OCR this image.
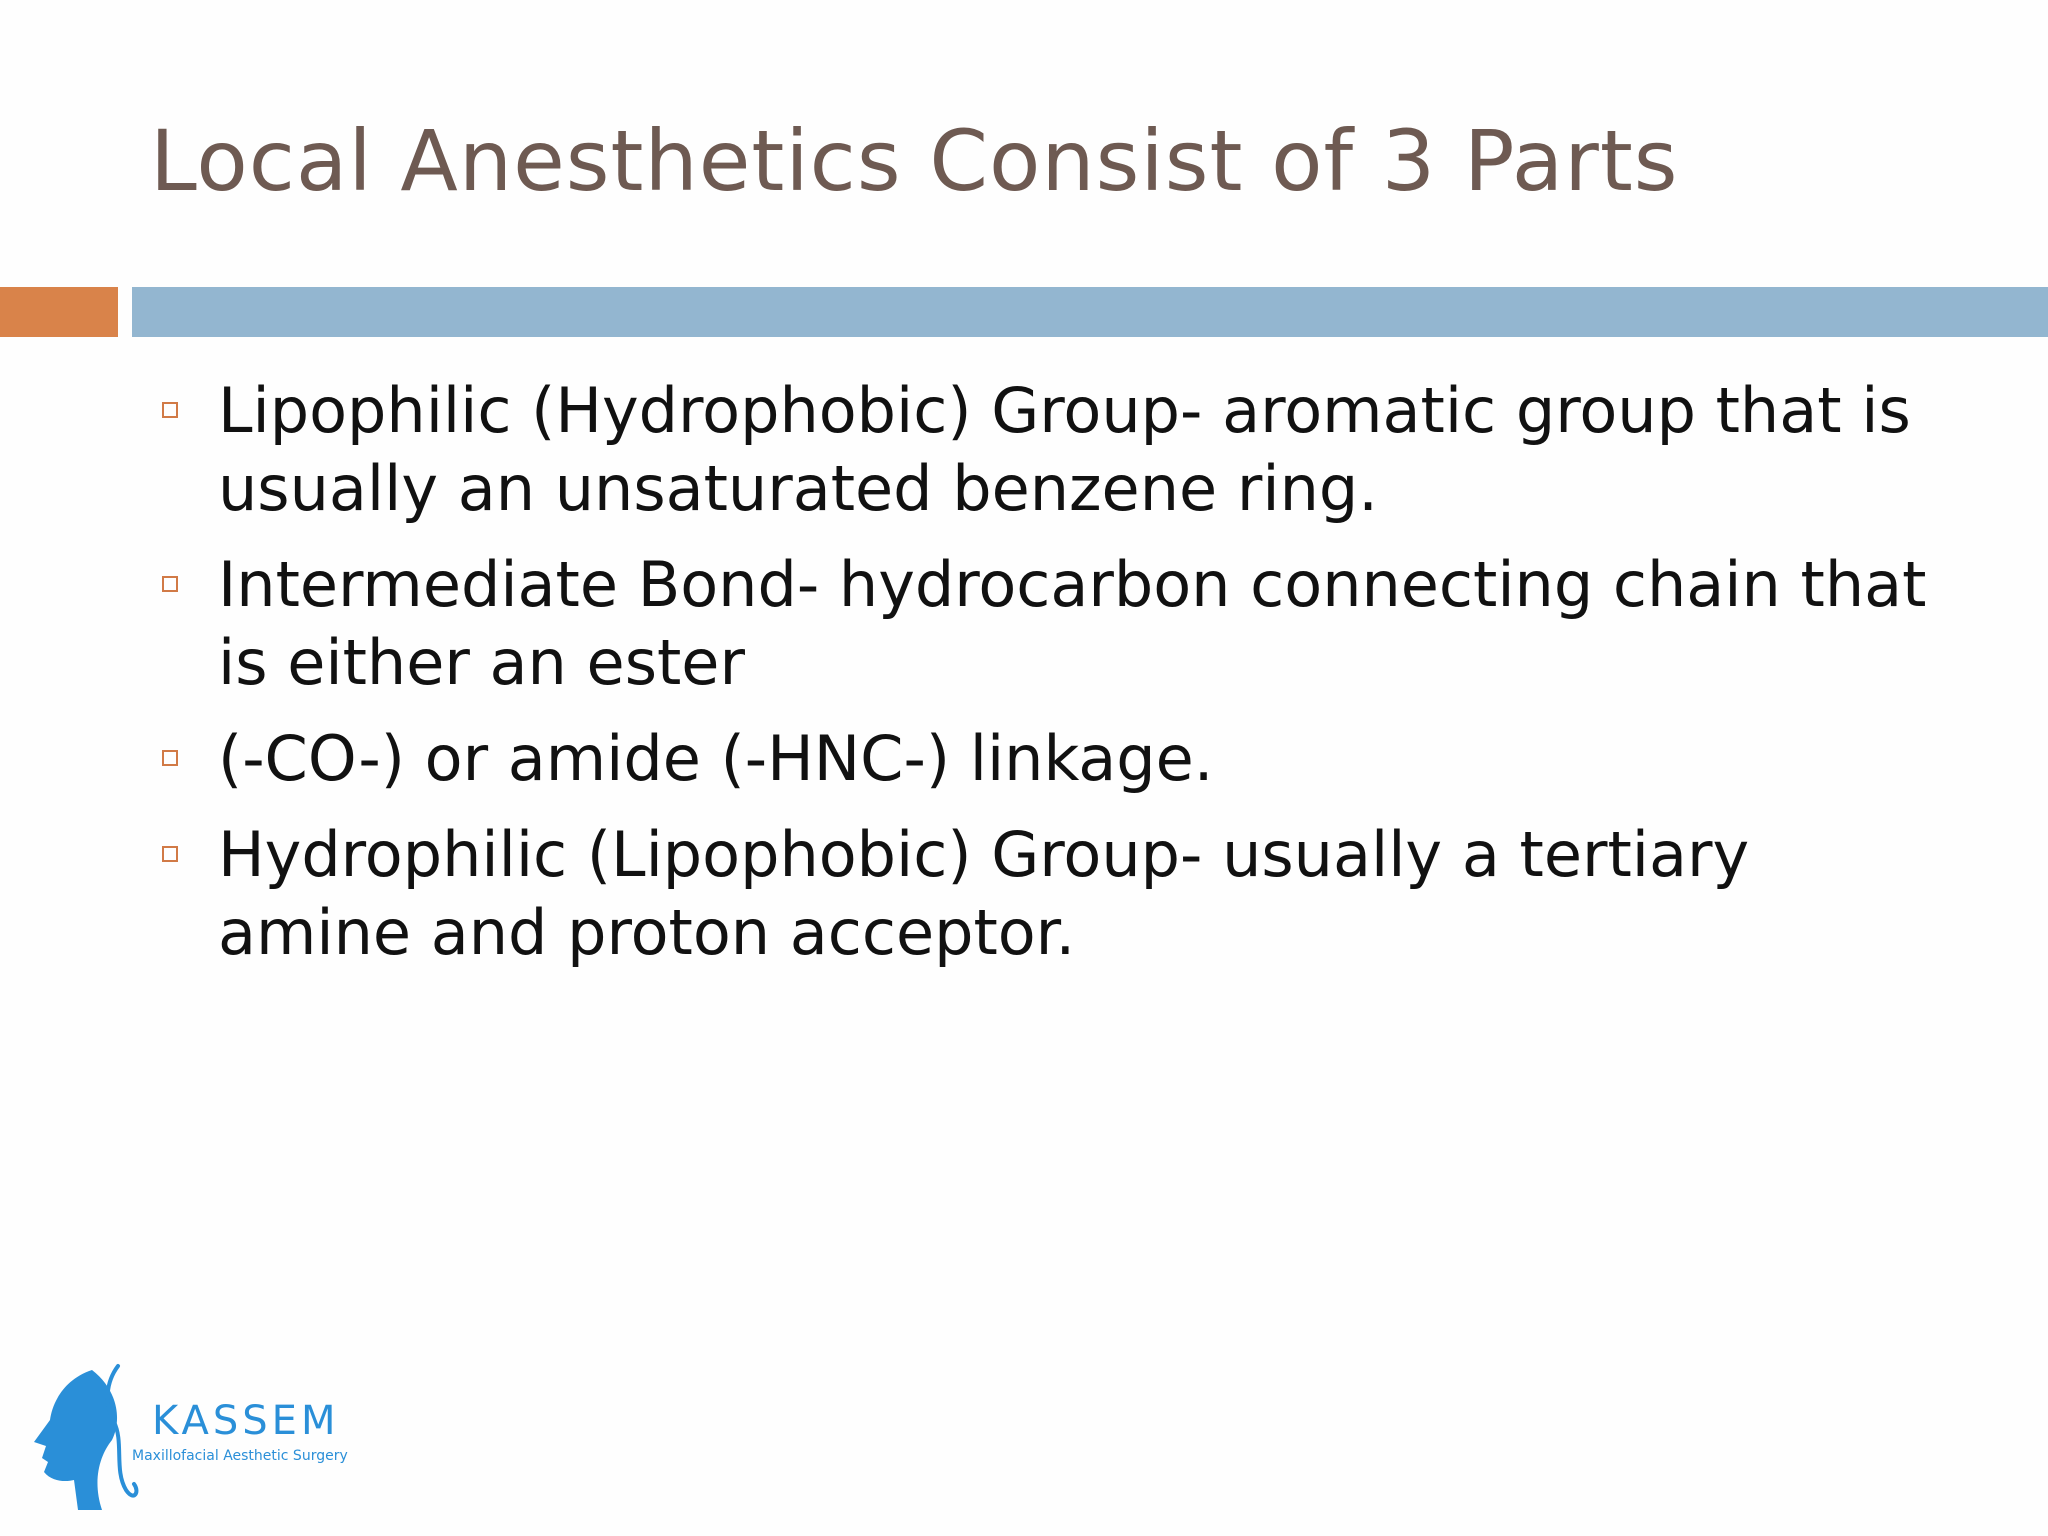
Local Anesthetics Consist of 3 Parts
Lipophilic (Hydrophobic) Group- aromatic group that is usually an unsaturated benzene ring.
Intermediate Bond- hydrocarbon connecting chain that is either an ester
(-CO-) or amide (-HNC-) linkage.
Hydrophilic (Lipophobic) Group- usually a tertiary amine and proton acceptor.
KASSEM
Maxillofacial Aesthetic Surgery
